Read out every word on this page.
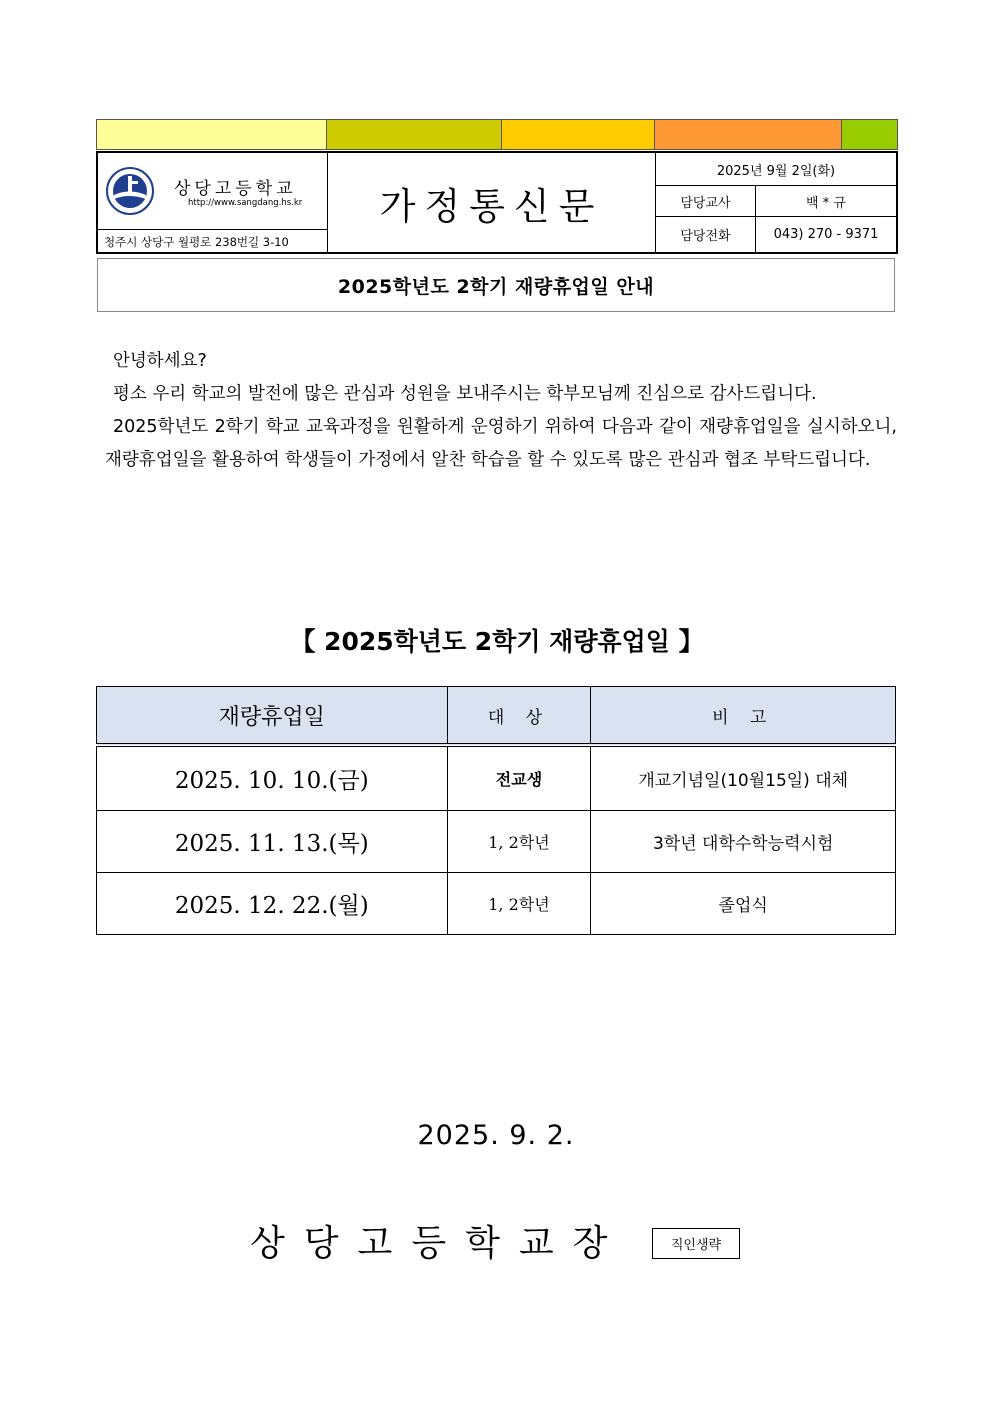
상당고등학교
http://www.sangdang.hs.kr
청주시 상당구 월평로 238번길 3-10
가정통신문
2025년 9월 2일(화)
담당교사	백 * 규
담당전화	043) 270 - 9371
2025학년도 2학기 재량휴업일 안내

안녕하세요?

평소 우리 학교의 발전에 많은 관심과 성원을 보내주시는 학부모님께 진심으로 감사드립니다.

2025학년도 2학기 학교 교육과정을 원활하게 운영하기 위하여 다음과 같이 재량휴업일을 실시하오니, 재량휴업일을 활용하여 학생들이 가정에서 알찬 학습을 할 수 있도록 많은 관심과 협조 부탁드립니다.

【 2025학년도 2학기 재량휴업일 】
재량휴업일	대 상	비 고
2025. 10. 10.(금)	전교생	개교기념일(10월15일) 대체
2025. 11. 13.(목)	1, 2학년	3학년 대학수학능력시험
2025. 12. 22.(월)	1, 2학년	졸업식
2025. 9. 2.
상당고등학교장	직인생략
